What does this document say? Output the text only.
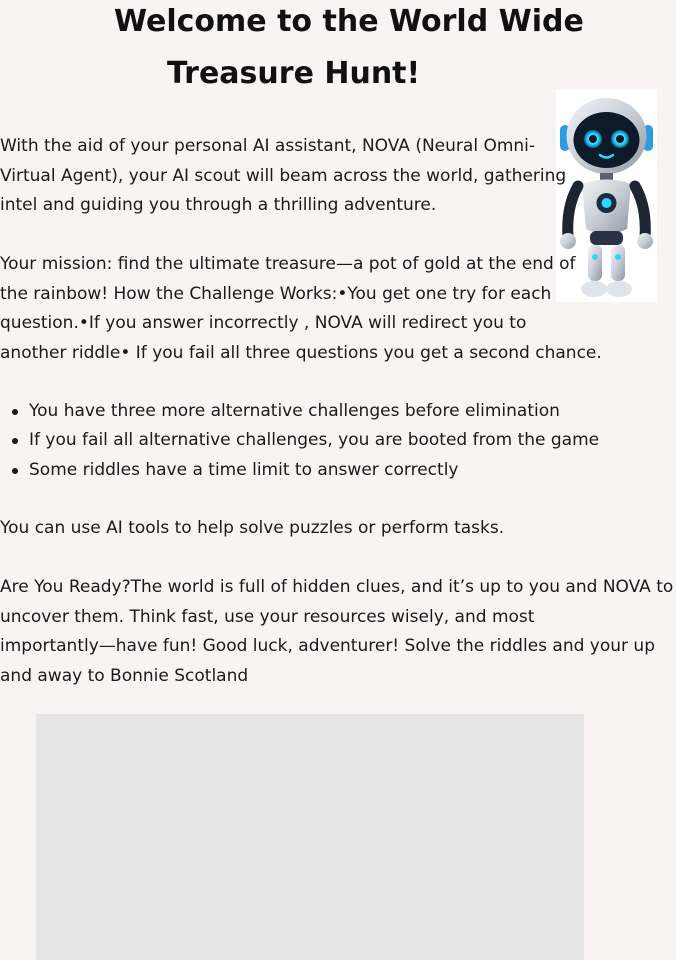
Welcome to the World Wide
Treasure Hunt!
With the aid of your personal AI assistant, NOVA (Neural Omni-
Virtual Agent), your AI scout will beam across the world, gathering
intel and guiding you through a thrilling adventure.
Your mission: find the ultimate treasure—a pot of gold at the end of
the rainbow! How the Challenge Works:•You get one try for each
question.•If you answer incorrectly , NOVA will redirect you to
another riddle• If you fail all three questions you get a second chance.
You have three more alternative challenges before elimination
If you fail all alternative challenges, you are booted from the game
Some riddles have a time limit to answer correctly
You can use AI tools to help solve puzzles or perform tasks.
Are You Ready?The world is full of hidden clues, and it’s up to you and NOVA to
uncover them. Think fast, use your resources wisely, and most
importantly—have fun! Good luck, adventurer! Solve the riddles and your up
and away to Bonnie Scotland
